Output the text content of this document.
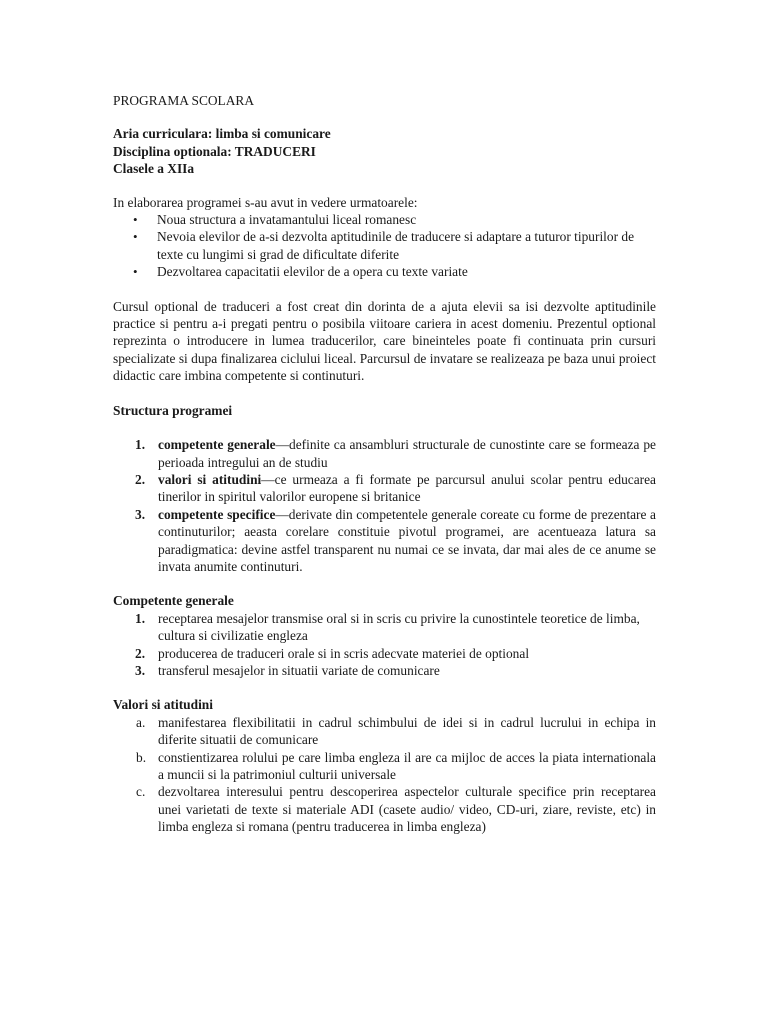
PROGRAMA SCOLARA

Aria curriculara: limba si comunicare

Disciplina optionala: TRADUCERI

Clasele a XIIa

In elaborarea programei s-au avut in vedere urmatoarele:

• Noua structura a invatamantului liceal romanesc
• Nevoia elevilor de a-si dezvolta aptitudinile de traducere si adaptare a tuturor tipurilor de texte cu lungimi si grad de dificultate diferite
• Dezvoltarea capacitatii elevilor de a opera cu texte variate

Cursul optional de traduceri a fost creat din dorinta de a ajuta elevii sa isi dezvolte aptitudinile practice si pentru a-i pregati pentru o posibila viitoare cariera in acest domeniu. Prezentul optional reprezinta o introducere in lumea traducerilor, care bineinteles poate fi continuata prin cursuri specializate si dupa finalizarea ciclului liceal. Parcursul de invatare se realizeaza pe baza unui proiect didactic care imbina competente si continuturi.

Structura programei

1. competente generale—definite ca ansambluri structurale de cunostinte care se formeaza pe perioada intregului an de studiu
2. valori si atitudini—ce urmeaza a fi formate pe parcursul anului scolar pentru educarea tinerilor in spiritul valorilor europene si britanice
3. competente specifice—derivate din competentele generale coreate cu forme de prezentare a continuturilor; aeasta corelare constituie pivotul programei, are acentueaza latura sa paradigmatica: devine astfel transparent nu numai ce se invata, dar mai ales de ce anume se invata anumite continuturi.

Competente generale

1. receptarea mesajelor transmise oral si in scris cu privire la cunostintele teoretice de limba, cultura si civilizatie engleza
2. producerea de traduceri orale si in scris adecvate materiei de optional
3. transferul mesajelor in situatii variate de comunicare

Valori si atitudini

a. manifestarea flexibilitatii in cadrul schimbului de idei si in cadrul lucrului in echipa in diferite situatii de comunicare
b. constientizarea rolului pe care limba engleza il are ca mijloc de acces la piata internationala a muncii si la patrimoniul culturii universale
c. dezvoltarea interesului pentru descoperirea aspectelor culturale specifice prin receptarea unei varietati de texte si materiale ADI (casete audio/ video, CD-uri, ziare, reviste, etc) in limba engleza si romana (pentru traducerea in limba engleza)
